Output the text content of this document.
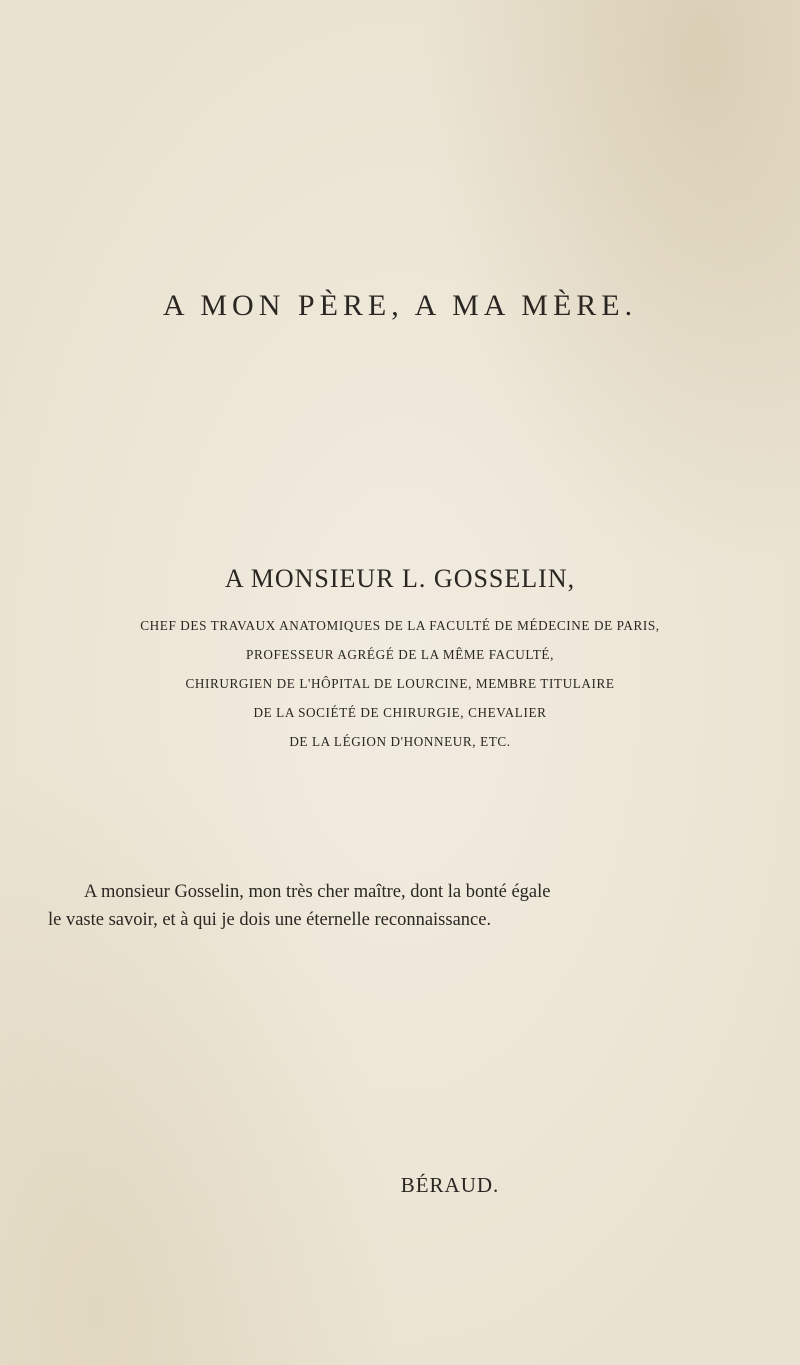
A MON PÈRE, A MA MÈRE.
A MONSIEUR L. GOSSELIN,
CHEF DES TRAVAUX ANATOMIQUES DE LA FACULTÉ DE MÉDECINE DE PARIS,
PROFESSEUR AGRÉGÉ DE LA MÊME FACULTÉ,
CHIRURGIEN DE L'HÔPITAL DE LOURCINE, MEMBRE TITULAIRE
DE LA SOCIÉTÉ DE CHIRURGIE, CHEVALIER
DE LA LÉGION D'HONNEUR, ETC.
A monsieur Gosselin, mon très cher maître, dont la bonté égale
le vaste savoir, et à qui je dois une éternelle reconnaissance.
BÉRAUD.
